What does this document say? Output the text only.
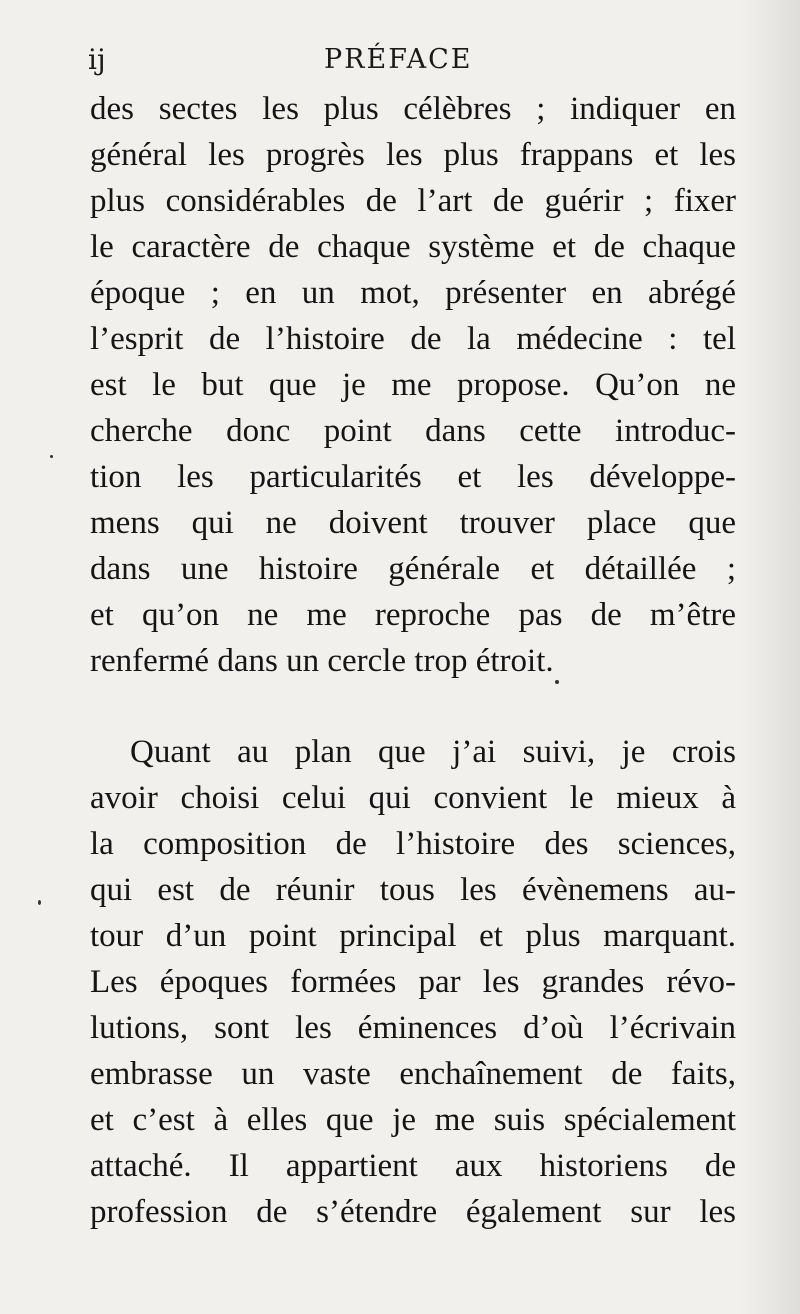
ij	PRÉFACE
des sectes les plus célèbres ; indiquer en
général les progrès les plus frappans et les
plus considérables de l’art de guérir ; fixer
le caractère de chaque système et de chaque
époque ; en un mot, présenter en abrégé
l’esprit de l’histoire de la médecine : tel
est le but que je me propose. Qu’on ne
cherche donc point dans cette introduc-
tion les particularités et les développe-
mens qui ne doivent trouver place que
dans une histoire générale et détaillée ;
et qu’on ne me reproche pas de m’être
renfermé dans un cercle trop étroit.
Quant au plan que j’ai suivi, je crois
avoir choisi celui qui convient le mieux à
la composition de l’histoire des sciences,
qui est de réunir tous les évènemens au-
tour d’un point principal et plus marquant.
Les époques formées par les grandes révo-
lutions, sont les éminences d’où l’écrivain
embrasse un vaste enchaînement de faits,
et c’est à elles que je me suis spécialement
attaché. Il appartient aux historiens de
profession de s’étendre également sur les
